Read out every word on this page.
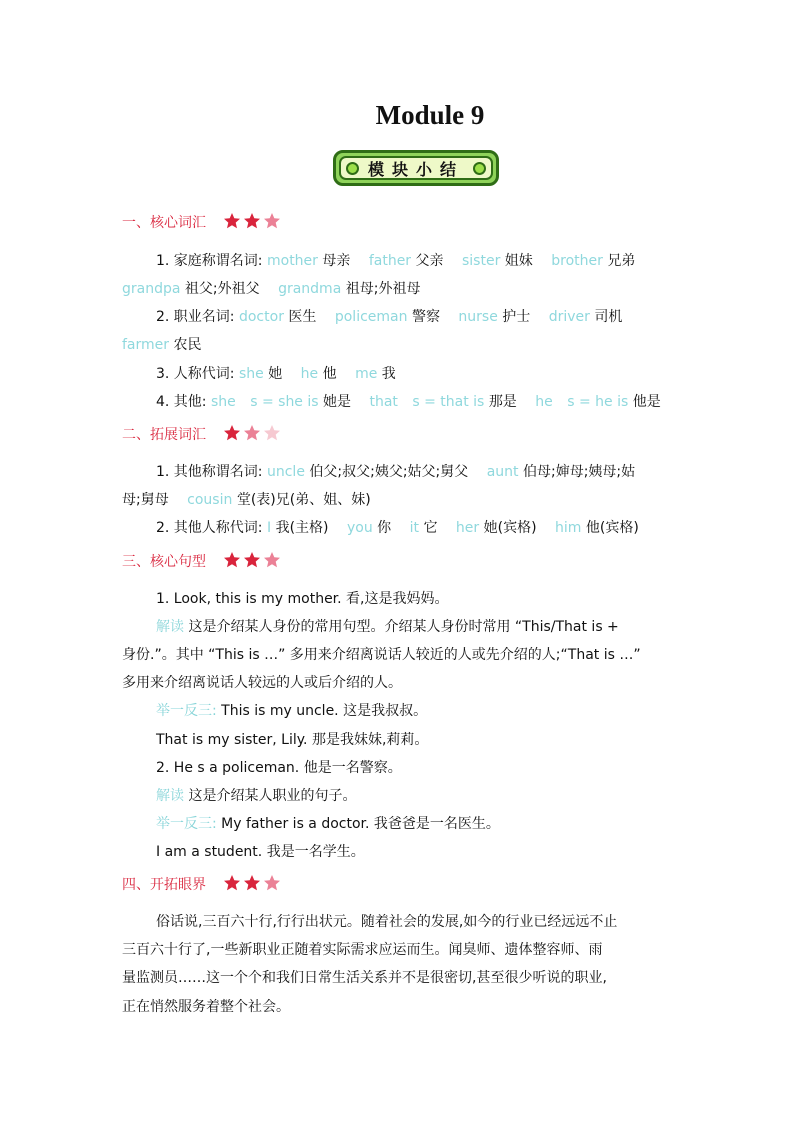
Module 9
模块小结
一、核心词汇
1. 家庭称谓名词: mother 母亲 father 父亲 sister 姐妹 brother 兄弟
grandpa 祖父;外祖父 grandma 祖母;外祖母
2. 职业名词: doctor 医生 policeman 警察 nurse 护士 driver 司机
farmer 农民
3. 人称代词: she 她 he 他 me 我
4. 其他: she s = she is 她是 that s = that is 那是 he s = he is 他是
二、拓展词汇
1. 其他称谓名词: uncle 伯父;叔父;姨父;姑父;舅父 aunt 伯母;婶母;姨母;姑
母;舅母 cousin 堂(表)兄(弟、姐、妹)
2. 其他人称代词: I 我(主格) you 你 it 它 her 她(宾格) him 他(宾格)
三、核心句型
1. Look, this is my mother. 看,这是我妈妈。
解读 这是介绍某人身份的常用句型。介绍某人身份时常用 “This/That is +
身份.”。其中 “This is …” 多用来介绍离说话人较近的人或先介绍的人;“That is …”
多用来介绍离说话人较远的人或后介绍的人。
举一反三: This is my uncle. 这是我叔叔。
That is my sister, Lily. 那是我妹妹,莉莉。
2. He s a policeman. 他是一名警察。
解读 这是介绍某人职业的句子。
举一反三: My father is a doctor. 我爸爸是一名医生。
I am a student. 我是一名学生。
四、开拓眼界
俗话说,三百六十行,行行出状元。随着社会的发展,如今的行业已经远远不止
三百六十行了,一些新职业正随着实际需求应运而生。闻臭师、遗体整容师、雨
量监测员……这一个个和我们日常生活关系并不是很密切,甚至很少听说的职业,
正在悄然服务着整个社会。
